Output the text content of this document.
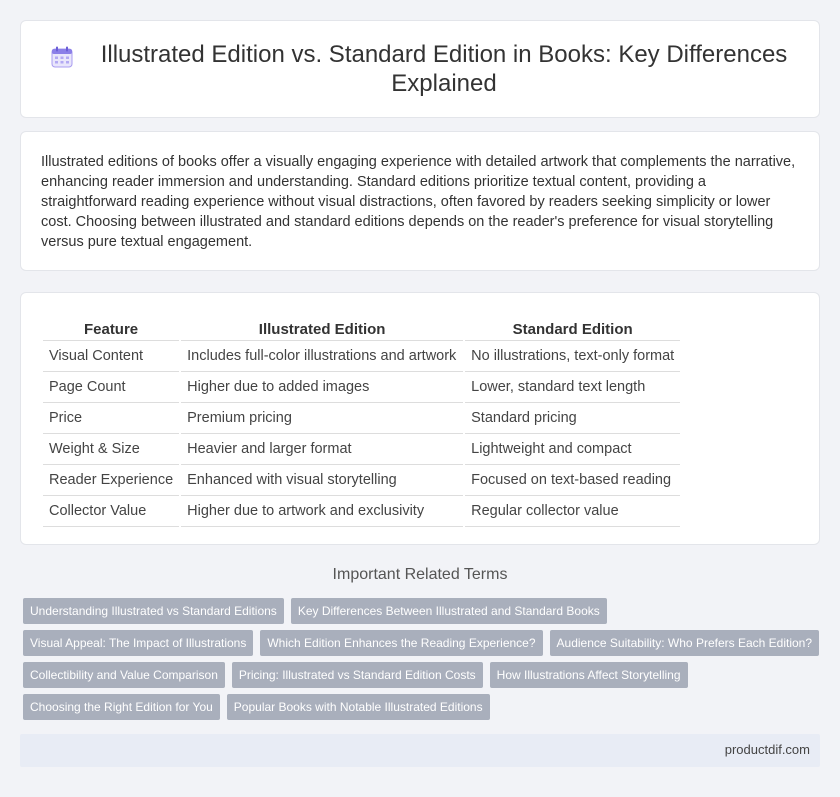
Illustrated Edition vs. Standard Edition in Books: Key Differences Explained

Illustrated editions of books offer a visually engaging experience with detailed artwork that complements the narrative, enhancing reader immersion and understanding. Standard editions prioritize textual content, providing a straightforward reading experience without visual distractions, often favored by readers seeking simplicity or lower cost. Choosing between illustrated and standard editions depends on the reader's preference for visual storytelling versus pure textual engagement.

Feature	Illustrated Edition	Standard Edition
Visual Content	Includes full-color illustrations and artwork	No illustrations, text-only format
Page Count	Higher due to added images	Lower, standard text length
Price	Premium pricing	Standard pricing
Weight & Size	Heavier and larger format	Lightweight and compact
Reader Experience	Enhanced with visual storytelling	Focused on text-based reading
Collector Value	Higher due to artwork and exclusivity	Regular collector value
Important Related Terms
Understanding Illustrated vs Standard Editions	Key Differences Between Illustrated and Standard Books
Visual Appeal: The Impact of Illustrations	Which Edition Enhances the Reading Experience?	Audience Suitability: Who Prefers Each Edition?
Collectibility and Value Comparison	Pricing: Illustrated vs Standard Edition Costs	How Illustrations Affect Storytelling
Choosing the Right Edition for You	Popular Books with Notable Illustrated Editions
productdif.com
